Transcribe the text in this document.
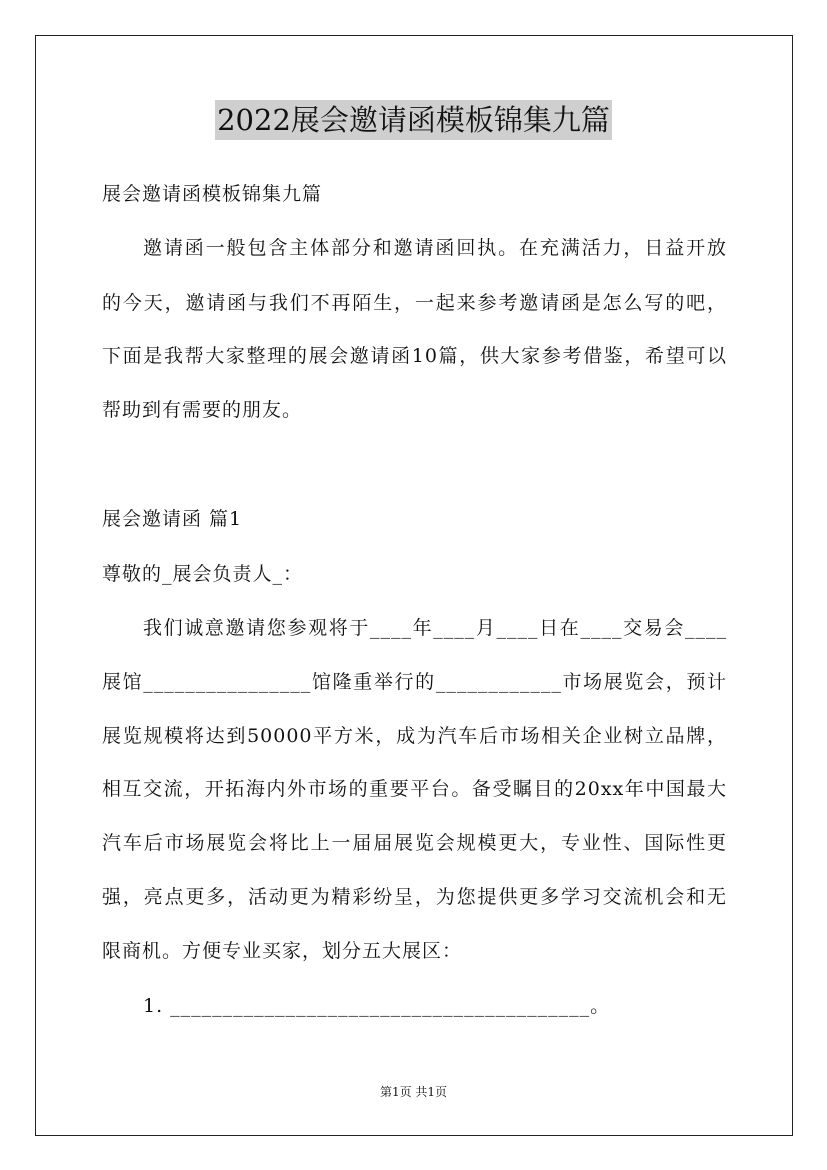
2022展会邀请函模板锦集九篇
展会邀请函模板锦集九篇
邀请函一般包含主体部分和邀请函回执。在充满活力，日益开放
的今天，邀请函与我们不再陌生，一起来参考邀请函是怎么写的吧，
下面是我帮大家整理的展会邀请函10篇，供大家参考借鉴，希望可以
帮助到有需要的朋友。
展会邀请函 篇1
尊敬的_展会负责人_：
我们诚意邀请您参观将于____年____月____日在____交易会____
展馆________________馆隆重举行的____________市场展览会，预计
展览规模将达到50000平方米，成为汽车后市场相关企业树立品牌，
相互交流，开拓海内外市场的重要平台。备受瞩目的20xx年中国最大
汽车后市场展览会将比上一届届展览会规模更大，专业性、国际性更
强，亮点更多，活动更为精彩纷呈，为您提供更多学习交流机会和无
限商机。方便专业买家，划分五大展区：
1. ________________________________________。
第1页 共1页
